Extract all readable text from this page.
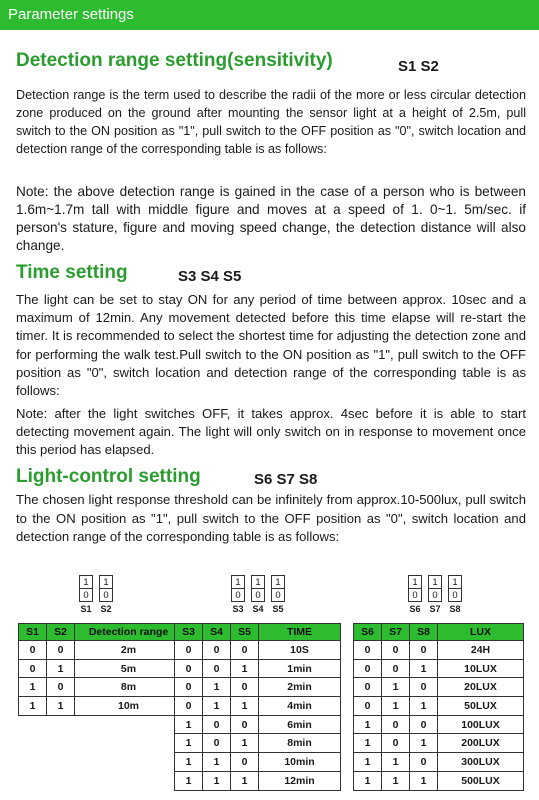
Parameter settings
Detection range setting(sensitivity)	S1 S2

Detection range is the term used to describe the radii of the more or less circular detection zone produced on the ground after mounting the sensor light at a height of 2.5m, pull switch to the ON position as "1", pull switch to the OFF position as "0", switch location and detection range of the corresponding table is as follows:

Note: the above detection range is gained in the case of a person who is between 1.6m~1.7m tall with middle figure and moves at a speed of 1. 0~1. 5m/sec. if person's stature, figure and moving speed change, the detection distance will also change.

Time setting	S3 S4 S5

The light can be set to stay ON for any period of time between approx. 10sec and a maximum of 12min. Any movement detected before this time elapse will re-start the timer. It is recommended to select the shortest time for adjusting the detection zone and for performing the walk test.Pull switch to the ON position as "1", pull switch to the OFF position as "0", switch location and detection range of the corresponding table is as follows:

Note: after the light switches OFF, it takes approx. 4sec before it is able to start detecting movement again. The light will only switch on in response to movement once this period has elapsed.

Light-control setting	S6 S7 S8

The chosen light response threshold can be infinitely from approx.10-500lux, pull switch to the ON position as "1", pull switch to the OFF position as "0", switch location and detection range of the corresponding table is as follows:

1
0
S1
1
0
S2
1
0
S3
1
0
S4
1
0
S5
1
0
S6
1
0
S7
1
0
S8
S1	S2	Detection range
0	0	2m
0	1	5m
1	0	8m
1	1	10m
S3	S4	S5	TIME
0	0	0	10S
0	0	1	1min
0	1	0	2min
0	1	1	4min
1	0	0	6min
1	0	1	8min
1	1	0	10min
1	1	1	12min
S6	S7	S8	LUX
0	0	0	24H
0	0	1	10LUX
0	1	0	20LUX
0	1	1	50LUX
1	0	0	100LUX
1	0	1	200LUX
1	1	0	300LUX
1	1	1	500LUX
